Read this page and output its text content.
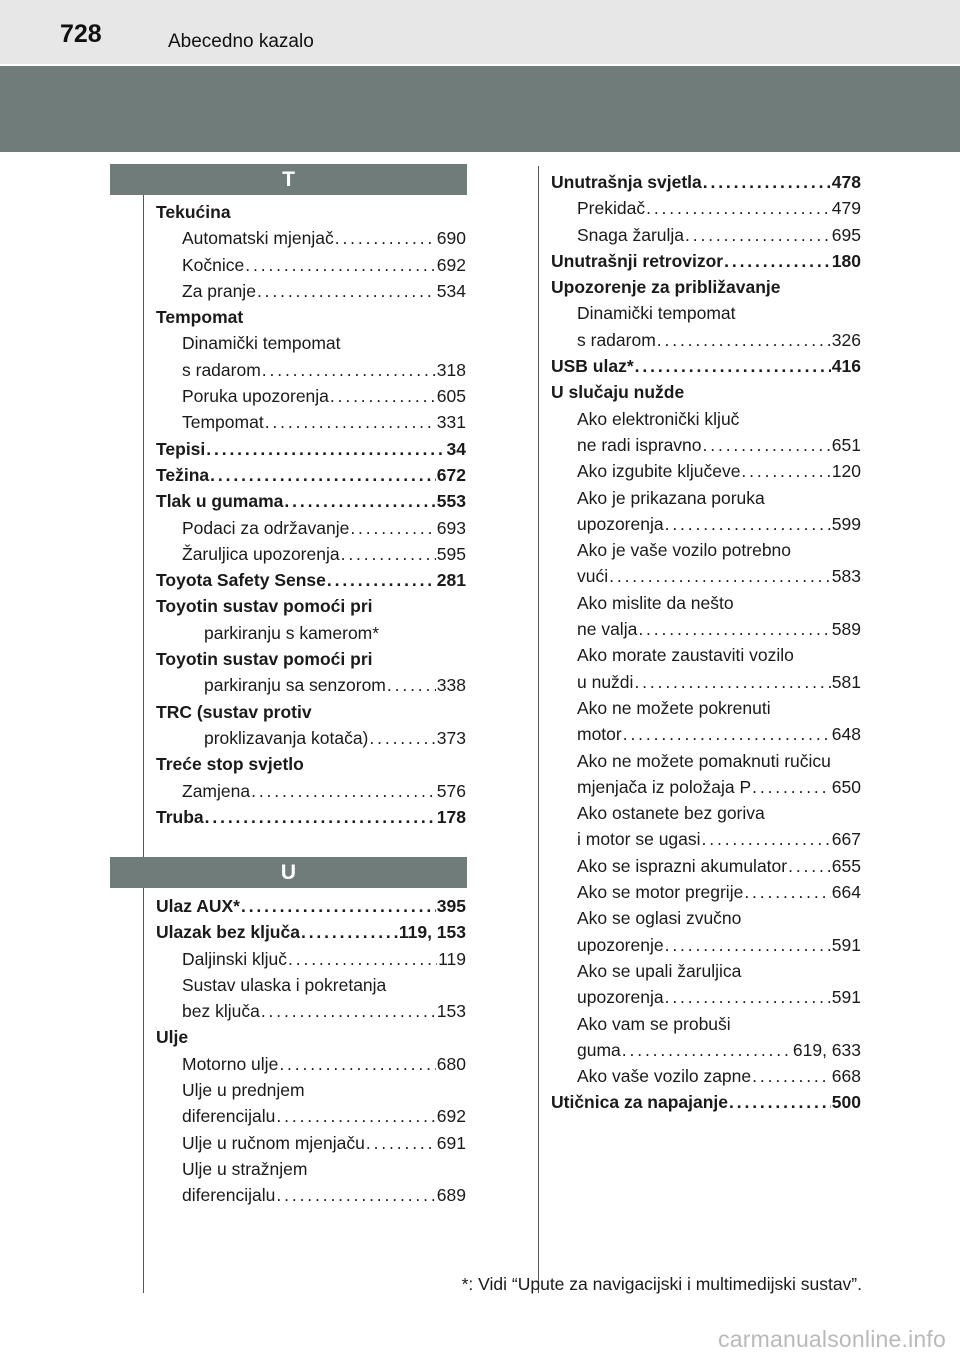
728	Abecedno kazalo
T
U
Tekućina
Automatski mjenjač . . .	690
Kočnice . . .	692
Za pranje . . .	534
Tempomat
Dinamički tempomat
s radarom . . .	318
Poruka upozorenja . . .	605
Tempomat . . .	331
Tepisi . . .	34
Težina . . .	672
Tlak u gumama . . .	553
Podaci za održavanje . . .	693
Žaruljica upozorenja . . .	595
Toyota Safety Sense . . .	281
Toyotin sustav pomoći pri
parkiranju s kamerom*
Toyotin sustav pomoći pri
parkiranju sa senzorom . . .	338
TRC (sustav protiv
proklizavanja kotača) . . .	373
Treće stop svjetlo
Zamjena . . .	576
Truba . . .	178
Ulaz AUX* . . .	395
Ulazak bez ključa . . .	119, 153
Daljinski ključ . . .	119
Sustav ulaska i pokretanja
bez ključa . . .	153
Ulje
Motorno ulje . . .	680
Ulje u prednjem
diferencijalu . . .	692
Ulje u ručnom mjenjaču . . .	691
Ulje u stražnjem
diferencijalu . . .	689
Unutrašnja svjetla . . .	478
Prekidač . . .	479
Snaga žarulja . . .	695
Unutrašnji retrovizor . . .	180
Upozorenje za približavanje
Dinamički tempomat
s radarom . . .	326
USB ulaz* . . .	416
U slučaju nužde
Ako elektronički ključ
ne radi ispravno . . .	651
Ako izgubite ključeve . . .	120
Ako je prikazana poruka
upozorenja . . .	599
Ako je vaše vozilo potrebno
vući . . .	583
Ako mislite da nešto
ne valja . . .	589
Ako morate zaustaviti vozilo
u nuždi . . .	581
Ako ne možete pokrenuti
motor . . .	648
Ako ne možete pomaknuti ručicu
mjenjača iz položaja P . . .	650
Ako ostanete bez goriva
i motor se ugasi . . .	667
Ako se isprazni akumulator . . .	655
Ako se motor pregrije . . .	664
Ako se oglasi zvučno
upozorenje . . .	591
Ako se upali žaruljica
upozorenja . . .	591
Ako vam se probuši
guma . . .	619, 633
Ako vaše vozilo zapne . . .	668
Utičnica za napajanje . . .	500
*: Vidi “Upute za navigacijski i multimedijski sustav”.
carmanualsonline.info
